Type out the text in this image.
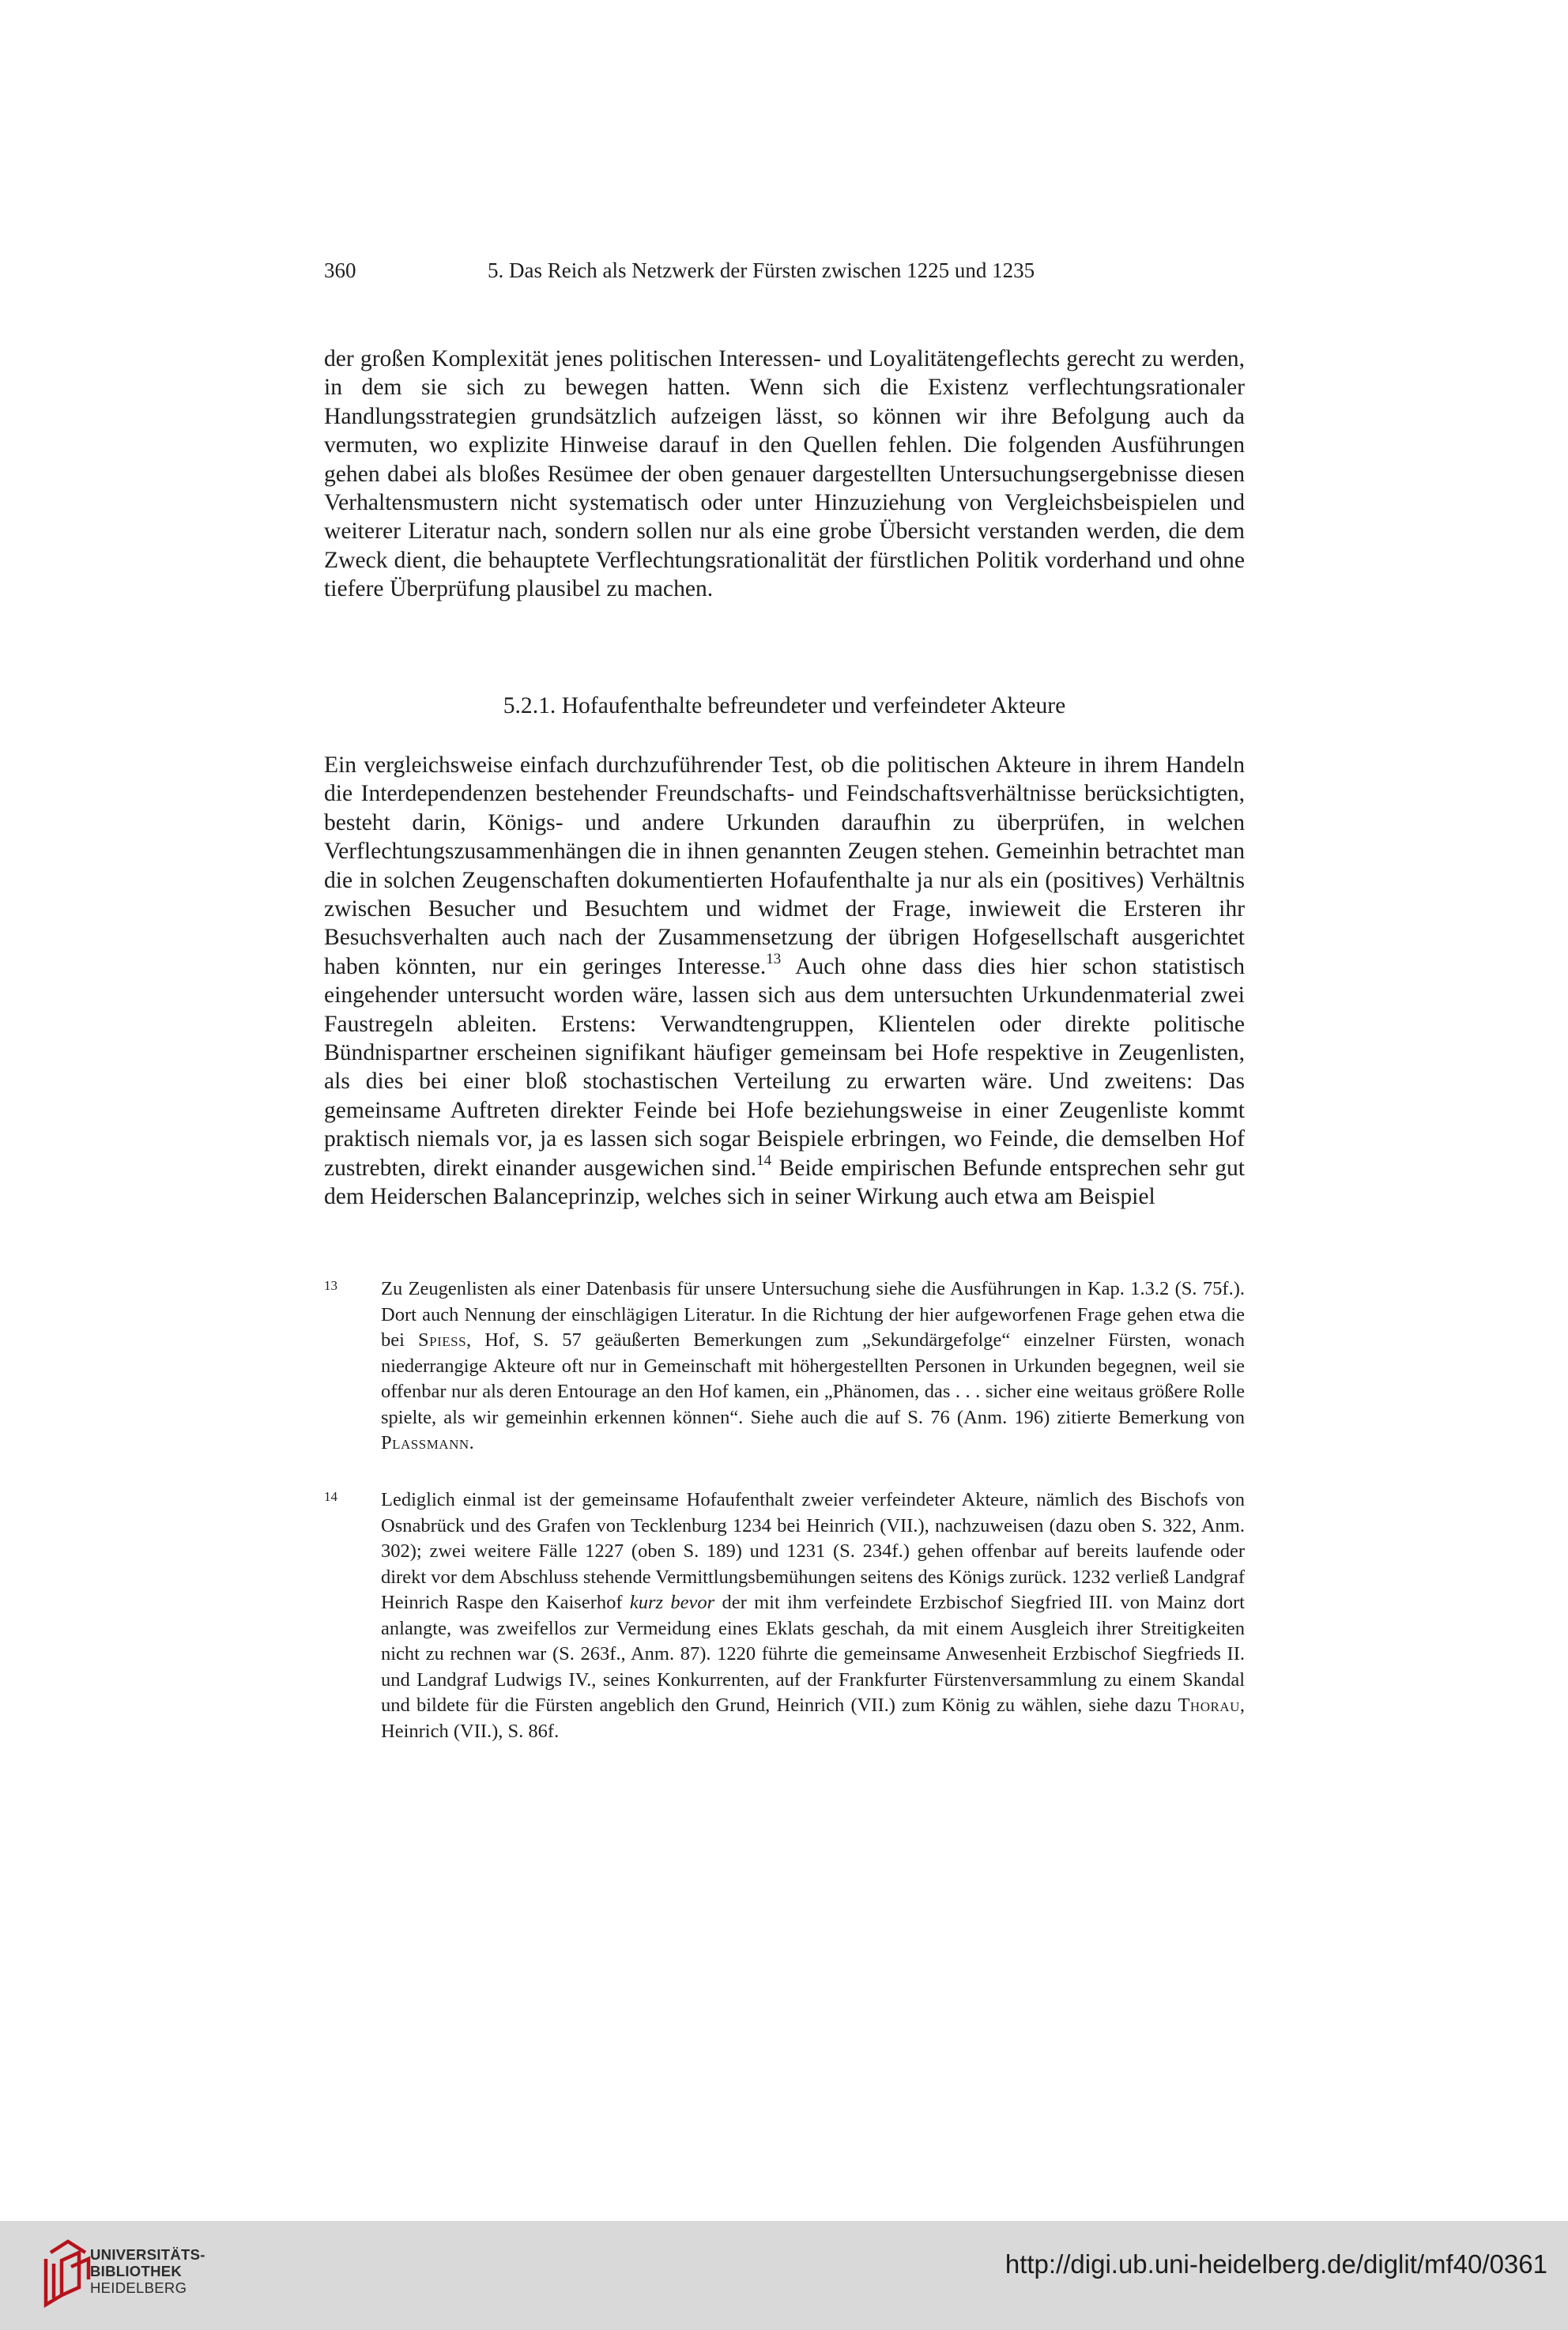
360	5. Das Reich als Netzwerk der Fürsten zwischen 1225 und 1235

der großen Komplexität jenes politischen Interessen- und Loyalitätengeflechts gerecht zu werden, in dem sie sich zu bewegen hatten. Wenn sich die Existenz verflechtungsrationaler Handlungsstrategien grundsätzlich aufzeigen lässt, so können wir ihre Befolgung auch da vermuten, wo explizite Hinweise darauf in den Quellen fehlen. Die folgenden Ausführungen gehen dabei als bloßes Resümee der oben genauer dargestellten Untersuchungsergebnisse diesen Verhaltensmustern nicht systematisch oder unter Hinzuziehung von Vergleichsbeispielen und weiterer Literatur nach, sondern sollen nur als eine grobe Übersicht verstanden werden, die dem Zweck dient, die behauptete Verflechtungsrationalität der fürstlichen Politik vorderhand und ohne tiefere Überprüfung plausibel zu machen.

5.2.1. Hofaufenthalte befreundeter und verfeindeter Akteure

Ein vergleichsweise einfach durchzuführender Test, ob die politischen Akteure in ihrem Handeln die Interdependenzen bestehender Freundschafts- und Feindschaftsverhältnisse berücksichtigten, besteht darin, Königs- und andere Urkunden daraufhin zu überprüfen, in welchen Verflechtungszusammenhängen die in ihnen genannten Zeugen stehen. Gemeinhin betrachtet man die in solchen Zeugenschaften dokumentierten Hofaufenthalte ja nur als ein (positives) Verhältnis zwischen Besucher und Besuchtem und widmet der Frage, inwieweit die Ersteren ihr Besuchsverhalten auch nach der Zusammensetzung der übrigen Hofgesellschaft ausgerichtet haben könnten, nur ein geringes Interesse.$^{13}$ Auch ohne dass dies hier schon statistisch eingehender untersucht worden wäre, lassen sich aus dem untersuchten Urkundenmaterial zwei Faustregeln ableiten. Erstens: Verwandtengruppen, Klientelen oder direkte politische Bündnispartner erscheinen signifikant häufiger gemeinsam bei Hofe respektive in Zeugenlisten, als dies bei einer bloß stochastischen Verteilung zu erwarten wäre. Und zweitens: Das gemeinsame Auftreten direkter Feinde bei Hofe beziehungsweise in einer Zeugenliste kommt praktisch niemals vor, ja es lassen sich sogar Beispiele erbringen, wo Feinde, die demselben Hof zustrebten, direkt einander ausgewichen sind.$^{14}$ Beide empirischen Befunde entsprechen sehr gut dem Heiderschen Balanceprinzip, welches sich in seiner Wirkung auch etwa am Beispiel

13 Zu Zeugenlisten als einer Datenbasis für unsere Untersuchung siehe die Ausführungen in Kap. 1.3.2 (S. 75f.). Dort auch Nennung der einschlägigen Literatur. In die Richtung der hier aufgeworfenen Frage gehen etwa die bei Spiess, Hof, S. 57 geäußerten Bemerkungen zum „Sekundärgefolge“ einzelner Fürsten, wonach niederrangige Akteure oft nur in Gemeinschaft mit höhergestellten Personen in Urkunden begegnen, weil sie offenbar nur als deren Entourage an den Hof kamen, ein „Phänomen, das . . . sicher eine weitaus größere Rolle spielte, als wir gemeinhin erkennen können“. Siehe auch die auf S. 76 (Anm. 196) zitierte Bemerkung von Plassmann.
14 Lediglich einmal ist der gemeinsame Hofaufenthalt zweier verfeindeter Akteure, nämlich des Bischofs von Osnabrück und des Grafen von Tecklenburg 1234 bei Heinrich (VII.), nachzuweisen (dazu oben S. 322, Anm. 302); zwei weitere Fälle 1227 (oben S. 189) und 1231 (S. 234f.) gehen offenbar auf bereits laufende oder direkt vor dem Abschluss stehende Vermittlungsbemühungen seitens des Königs zurück. 1232 verließ Landgraf Heinrich Raspe den Kaiserhof kurz bevor der mit ihm verfeindete Erzbischof Siegfried III. von Mainz dort anlangte, was zweifellos zur Vermeidung eines Eklats geschah, da mit einem Ausgleich ihrer Streitigkeiten nicht zu rechnen war (S. 263f., Anm. 87). 1220 führte die gemeinsame Anwesenheit Erzbischof Siegfrieds II. und Landgraf Ludwigs IV., seines Konkurrenten, auf der Frankfurter Fürstenversammlung zu einem Skandal und bildete für die Fürsten angeblich den Grund, Heinrich (VII.) zum König zu wählen, siehe dazu Thorau, Heinrich (VII.), S. 86f.
UNIVERSITÄTS-
BIBLIOTHEK
HEIDELBERG
http://digi.ub.uni-heidelberg.de/diglit/mf40/0361
